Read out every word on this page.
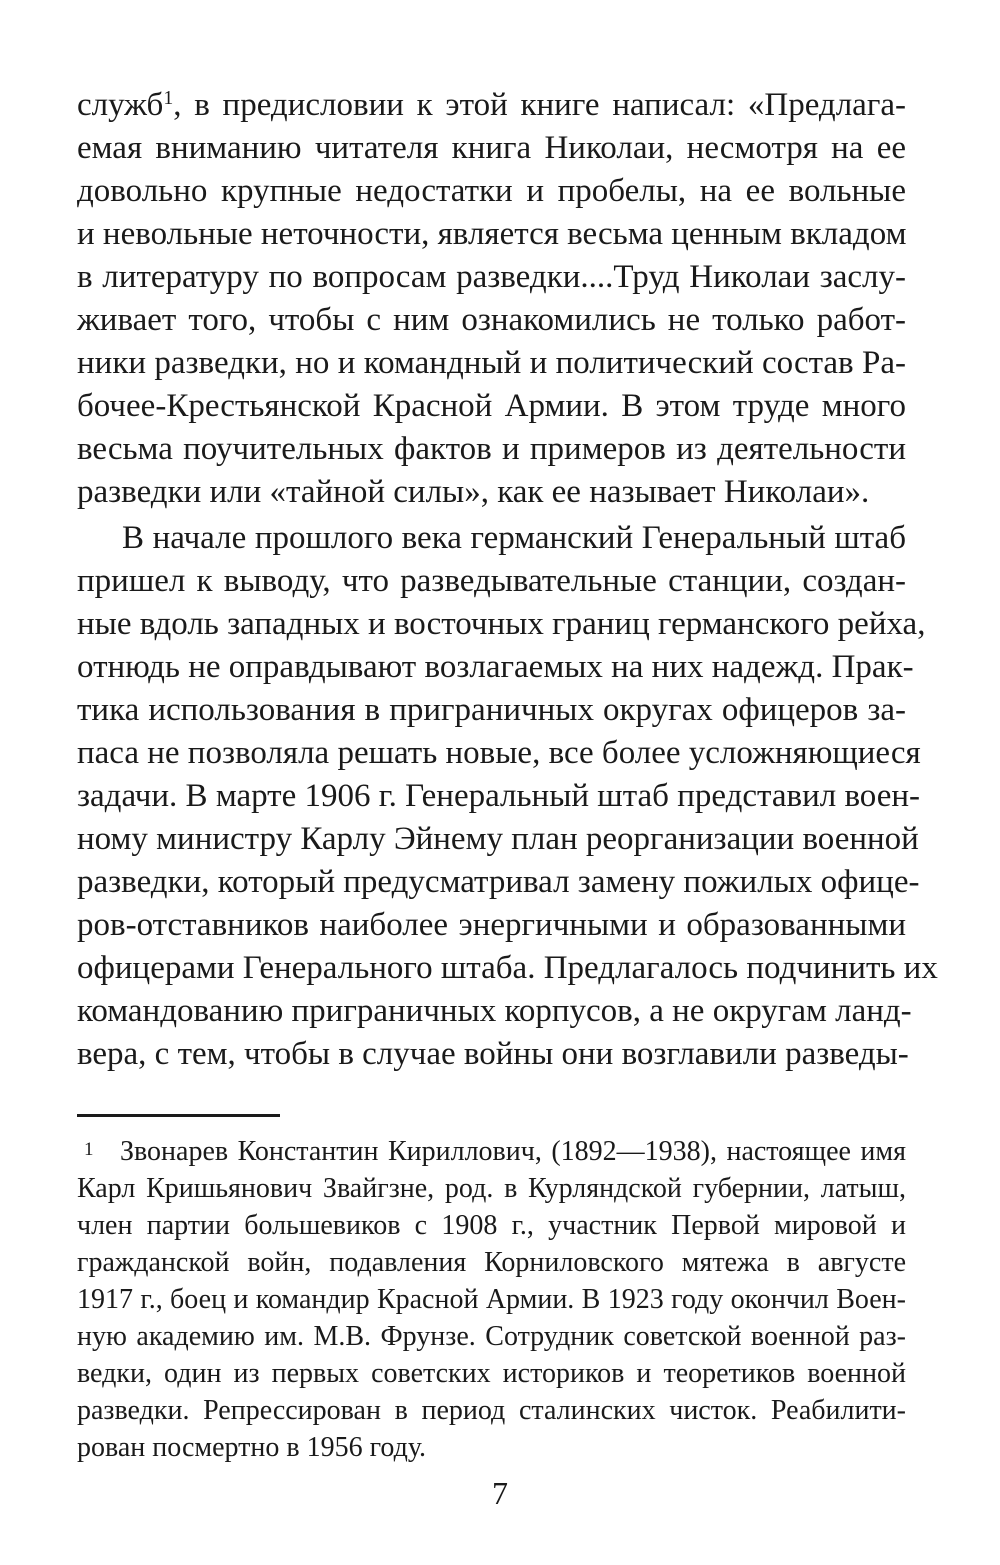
служб$^1$, в предисловии к этой книге написал: «Предлага-
емая вниманию читателя книга Николаи, несмотря на ее
довольно крупные недостатки и пробелы, на ее вольные
и невольные неточности, является весьма ценным вкладом
в литературу по вопросам разведки....Труд Николаи заслу-
живает того, чтобы с ним ознакомились не только работ-
ники разведки, но и командный и политический состав Ра-
бочее-Крестьянской Красной Армии. В этом труде много
весьма поучительных фактов и примеров из деятельности
разведки или «тайной силы», как ее называет Николаи».
В начале прошлого века германский Генеральный штаб
пришел к выводу, что разведывательные станции, создан-
ные вдоль западных и восточных границ германского рейха,
отнюдь не оправдывают возлагаемых на них надежд. Прак-
тика использования в приграничных округах офицеров за-
паса не позволяла решать новые, все более усложняющиеся
задачи. В марте 1906 г. Генеральный штаб представил воен-
ному министру Карлу Эйнему план реорганизации военной
разведки, который предусматривал замену пожилых офице-
ров-отставников наиболее энергичными и образованными
офицерами Генерального штаба. Предлагалось подчинить их
командованию приграничных корпусов, а не округам ланд-
вера, с тем, чтобы в случае войны они возглавили разведы-
1 Звонарев Константин Кириллович, (1892—1938), настоящее имя
Карл Кришьянович Звайгзне, род. в Курляндской губернии, латыш,
член партии большевиков с 1908 г., участник Первой мировой и
гражданской войн, подавления Корниловского мятежа в августе
1917 г., боец и командир Красной Армии. В 1923 году окончил Воен-
ную академию им. М.В. Фрунзе. Сотрудник советской военной раз-
ведки, один из первых советских историков и теоретиков военной
разведки. Репрессирован в период сталинских чисток. Реабилити-
рован посмертно в 1956 году.
7
